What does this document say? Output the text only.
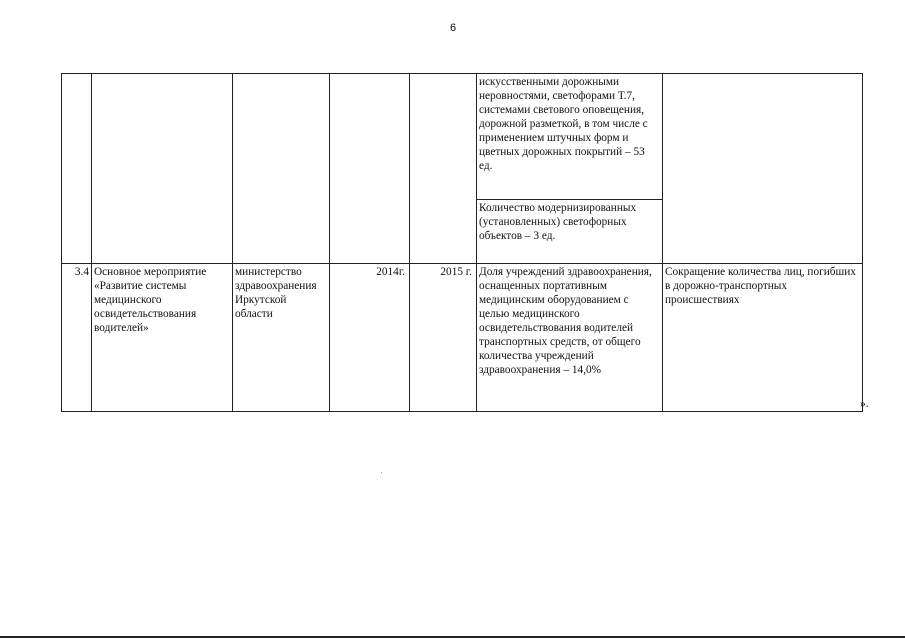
6
					искусственными дорожными неровностями, светофорами Т.7, системами светового оповещения, дорожной разметкой, в том числе с применением штучных форм и цветных дорожных покрытий – 53 ед.	
					Количество модернизированных (установленных) светофорных объектов – 3 ед.	
3.4	Основное мероприятие «Развитие системы медицинского освидетельствования водителей»	министерство здравоохранения Иркутской области	2014г.	2015 г.	Доля учреждений здравоохранения, оснащенных портативным медицинским оборудованием с целью медицинского освидетельствования водителей транспортных средств, от общего количества учреждений здравоохранения – 14,0%	Сокращение количества лиц, погибших в дорожно-транспортных происшествиях
».
